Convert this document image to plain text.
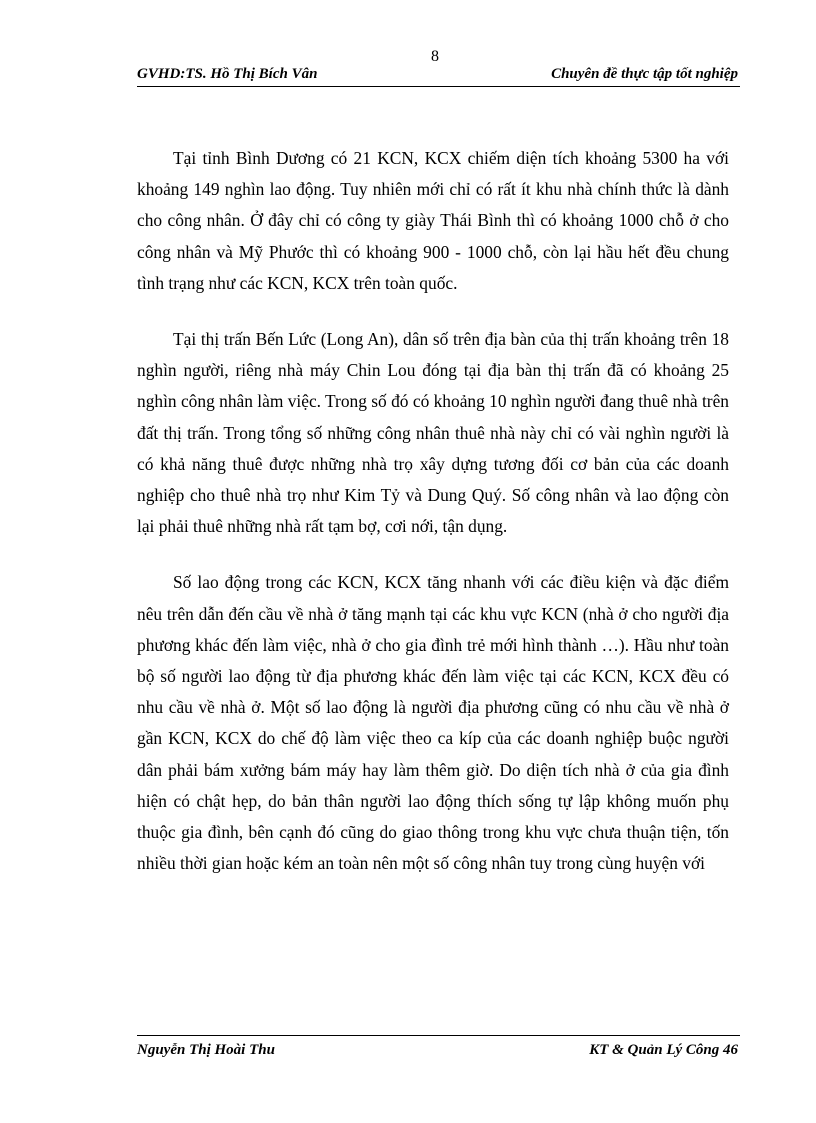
8
GVHD:TS. Hồ Thị Bích Vân	Chuyên đề thực tập tốt nghiệp

Tại tỉnh Bình Dương có 21 KCN, KCX chiếm diện tích khoảng 5300 ha với khoảng 149 nghìn lao động. Tuy nhiên mới chỉ có rất ít khu nhà chính thức là dành cho công nhân. Ở đây chỉ có công ty giày Thái Bình thì có khoảng 1000 chỗ ở cho công nhân và Mỹ Phước thì có khoảng 900 - 1000 chỗ, còn lại hầu hết đều chung tình trạng như các KCN, KCX trên toàn quốc.

Tại thị trấn Bến Lức (Long An), dân số trên địa bàn của thị trấn khoảng trên 18 nghìn người, riêng nhà máy Chin Lou đóng tại địa bàn thị trấn đã có khoảng 25 nghìn công nhân làm việc. Trong số đó có khoảng 10 nghìn người đang thuê nhà trên đất thị trấn. Trong tổng số những công nhân thuê nhà này chỉ có vài nghìn người là có khả năng thuê được những nhà trọ xây dựng tương đối cơ bản của các doanh nghiệp cho thuê nhà trọ như Kim Tỷ và Dung Quý. Số công nhân và lao động còn lại phải thuê những nhà rất tạm bợ, cơi nới, tận dụng.

Số lao động trong các KCN, KCX tăng nhanh với các điều kiện và đặc điểm nêu trên dẫn đến cầu về nhà ở tăng mạnh tại các khu vực KCN (nhà ở cho người địa phương khác đến làm việc, nhà ở cho gia đình trẻ mới hình thành …). Hầu như toàn bộ số người lao động từ địa phương khác đến làm việc tại các KCN, KCX đều có nhu cầu về nhà ở. Một số lao động là người địa phương cũng có nhu cầu về nhà ở gần KCN, KCX do chế độ làm việc theo ca kíp của các doanh nghiệp buộc người dân phải bám xưởng bám máy hay làm thêm giờ. Do diện tích nhà ở của gia đình hiện có chật hẹp, do bản thân người lao động thích sống tự lập không muốn phụ thuộc gia đình, bên cạnh đó cũng do giao thông trong khu vực chưa thuận tiện, tốn nhiều thời gian hoặc kém an toàn nên một số công nhân tuy trong cùng huyện với

Nguyễn Thị Hoài Thu	KT & Quản Lý Công 46
